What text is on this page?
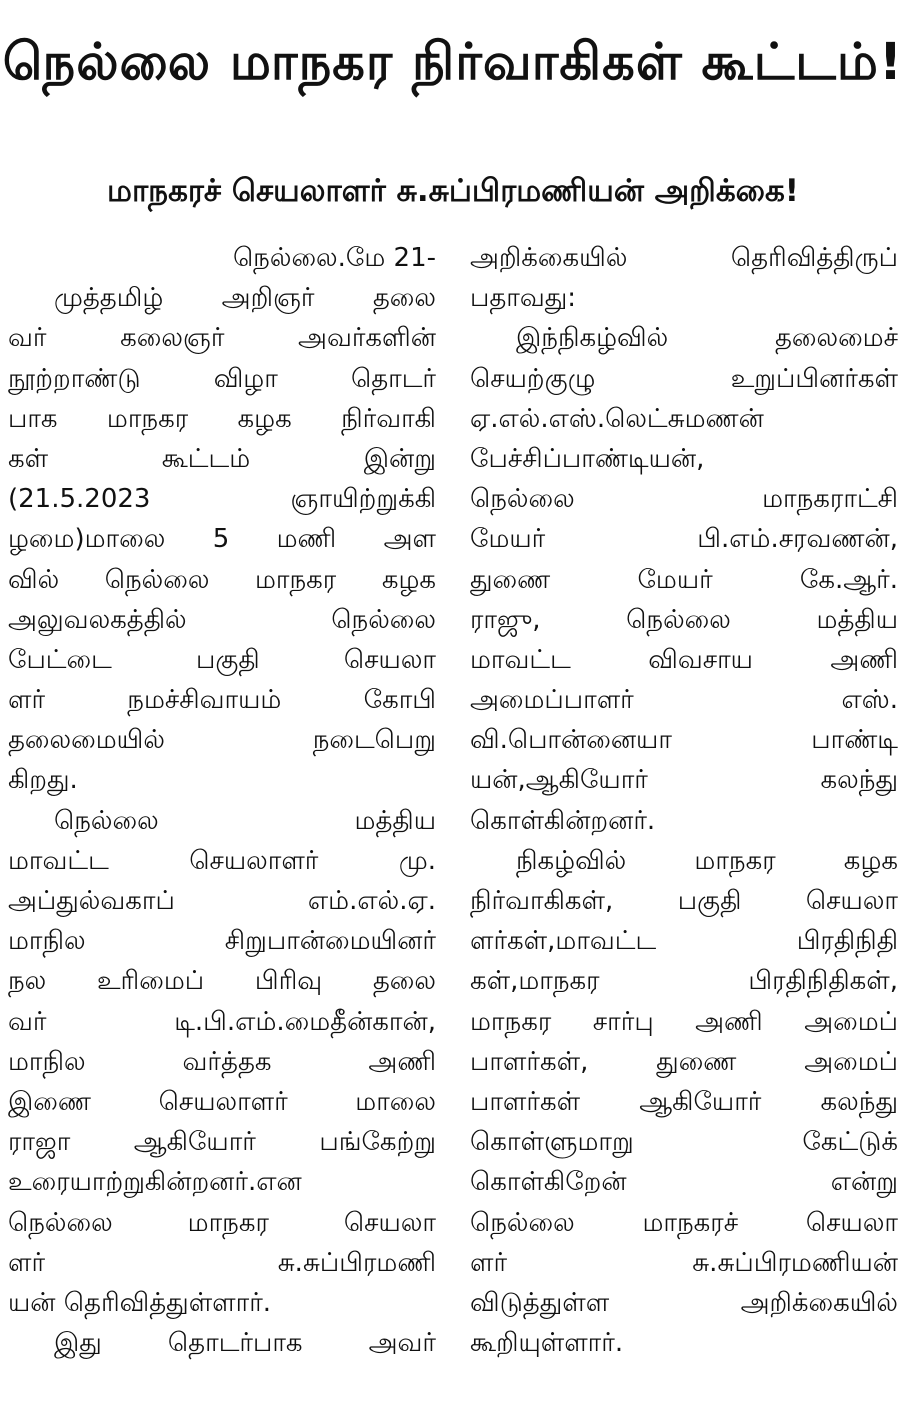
நெல்லை மாநகர நிர்வாகிகள் கூட்டம்!
மாநகரச் செயலாளர் சு.சுப்பிரமணியன் அறிக்கை!
நெல்லை.மே 21-
முத்தமிழ் அறிஞர் தலை
வர் கலைஞர் அவர்களின்
நூற்றாண்டு விழா தொடர்
பாக மாநகர கழக நிர்வாகி
கள் கூட்டம் இன்று
(21.5.2023 ஞாயிற்றுக்கி
ழமை)மாலை 5 மணி அள
வில் நெல்லை மாநகர கழக
அலுவலகத்தில் நெல்லை
பேட்டை பகுதி செயலா
ளர் நமச்சிவாயம் கோபி
தலைமையில் நடைபெறு
கிறது.
நெல்லை மத்திய
மாவட்ட செயலாளர் மு.
அப்துல்வகாப் எம்.எல்.ஏ.
மாநில சிறுபான்மையினர்
நல உரிமைப் பிரிவு தலை
வர் டி.பி.எம்.மைதீன்கான்,
மாநில வர்த்தக அணி
இணை செயலாளர் மாலை
ராஜா ஆகியோர் பங்கேற்று
உரையாற்றுகின்றனர்.என
நெல்லை மாநகர செயலா
ளர் சு.சுப்பிரமணி
யன் தெரிவித்துள்ளார்.
இது தொடர்பாக அவர்
அறிக்கையில் தெரிவித்திருப்
பதாவது:
இந்நிகழ்வில் தலைமைச்
செயற்குழு உறுப்பினர்கள்
ஏ.எல்.எஸ்.லெட்சுமணன்
பேச்சிப்பாண்டியன்,
நெல்லை மாநகராட்சி
மேயர் பி.எம்.சரவணன்,
துணை மேயர் கே.ஆர்.
ராஜு, நெல்லை மத்திய
மாவட்ட விவசாய அணி
அமைப்பாளர் எஸ்.
வி.பொன்னையா பாண்டி
யன்,ஆகியோர் கலந்து
கொள்கின்றனர்.
நிகழ்வில் மாநகர கழக
நிர்வாகிகள், பகுதி செயலா
ளர்கள்,மாவட்ட பிரதிநிதி
கள்,மாநகர பிரதிநிதிகள்,
மாநகர சார்பு அணி அமைப்
பாளர்கள், துணை அமைப்
பாளர்கள் ஆகியோர் கலந்து
கொள்ளுமாறு கேட்டுக்
கொள்கிறேன் என்று
நெல்லை மாநகரச் செயலா
ளர் சு.சுப்பிரமணியன்
விடுத்துள்ள அறிக்கையில்
கூறியுள்ளார்.
